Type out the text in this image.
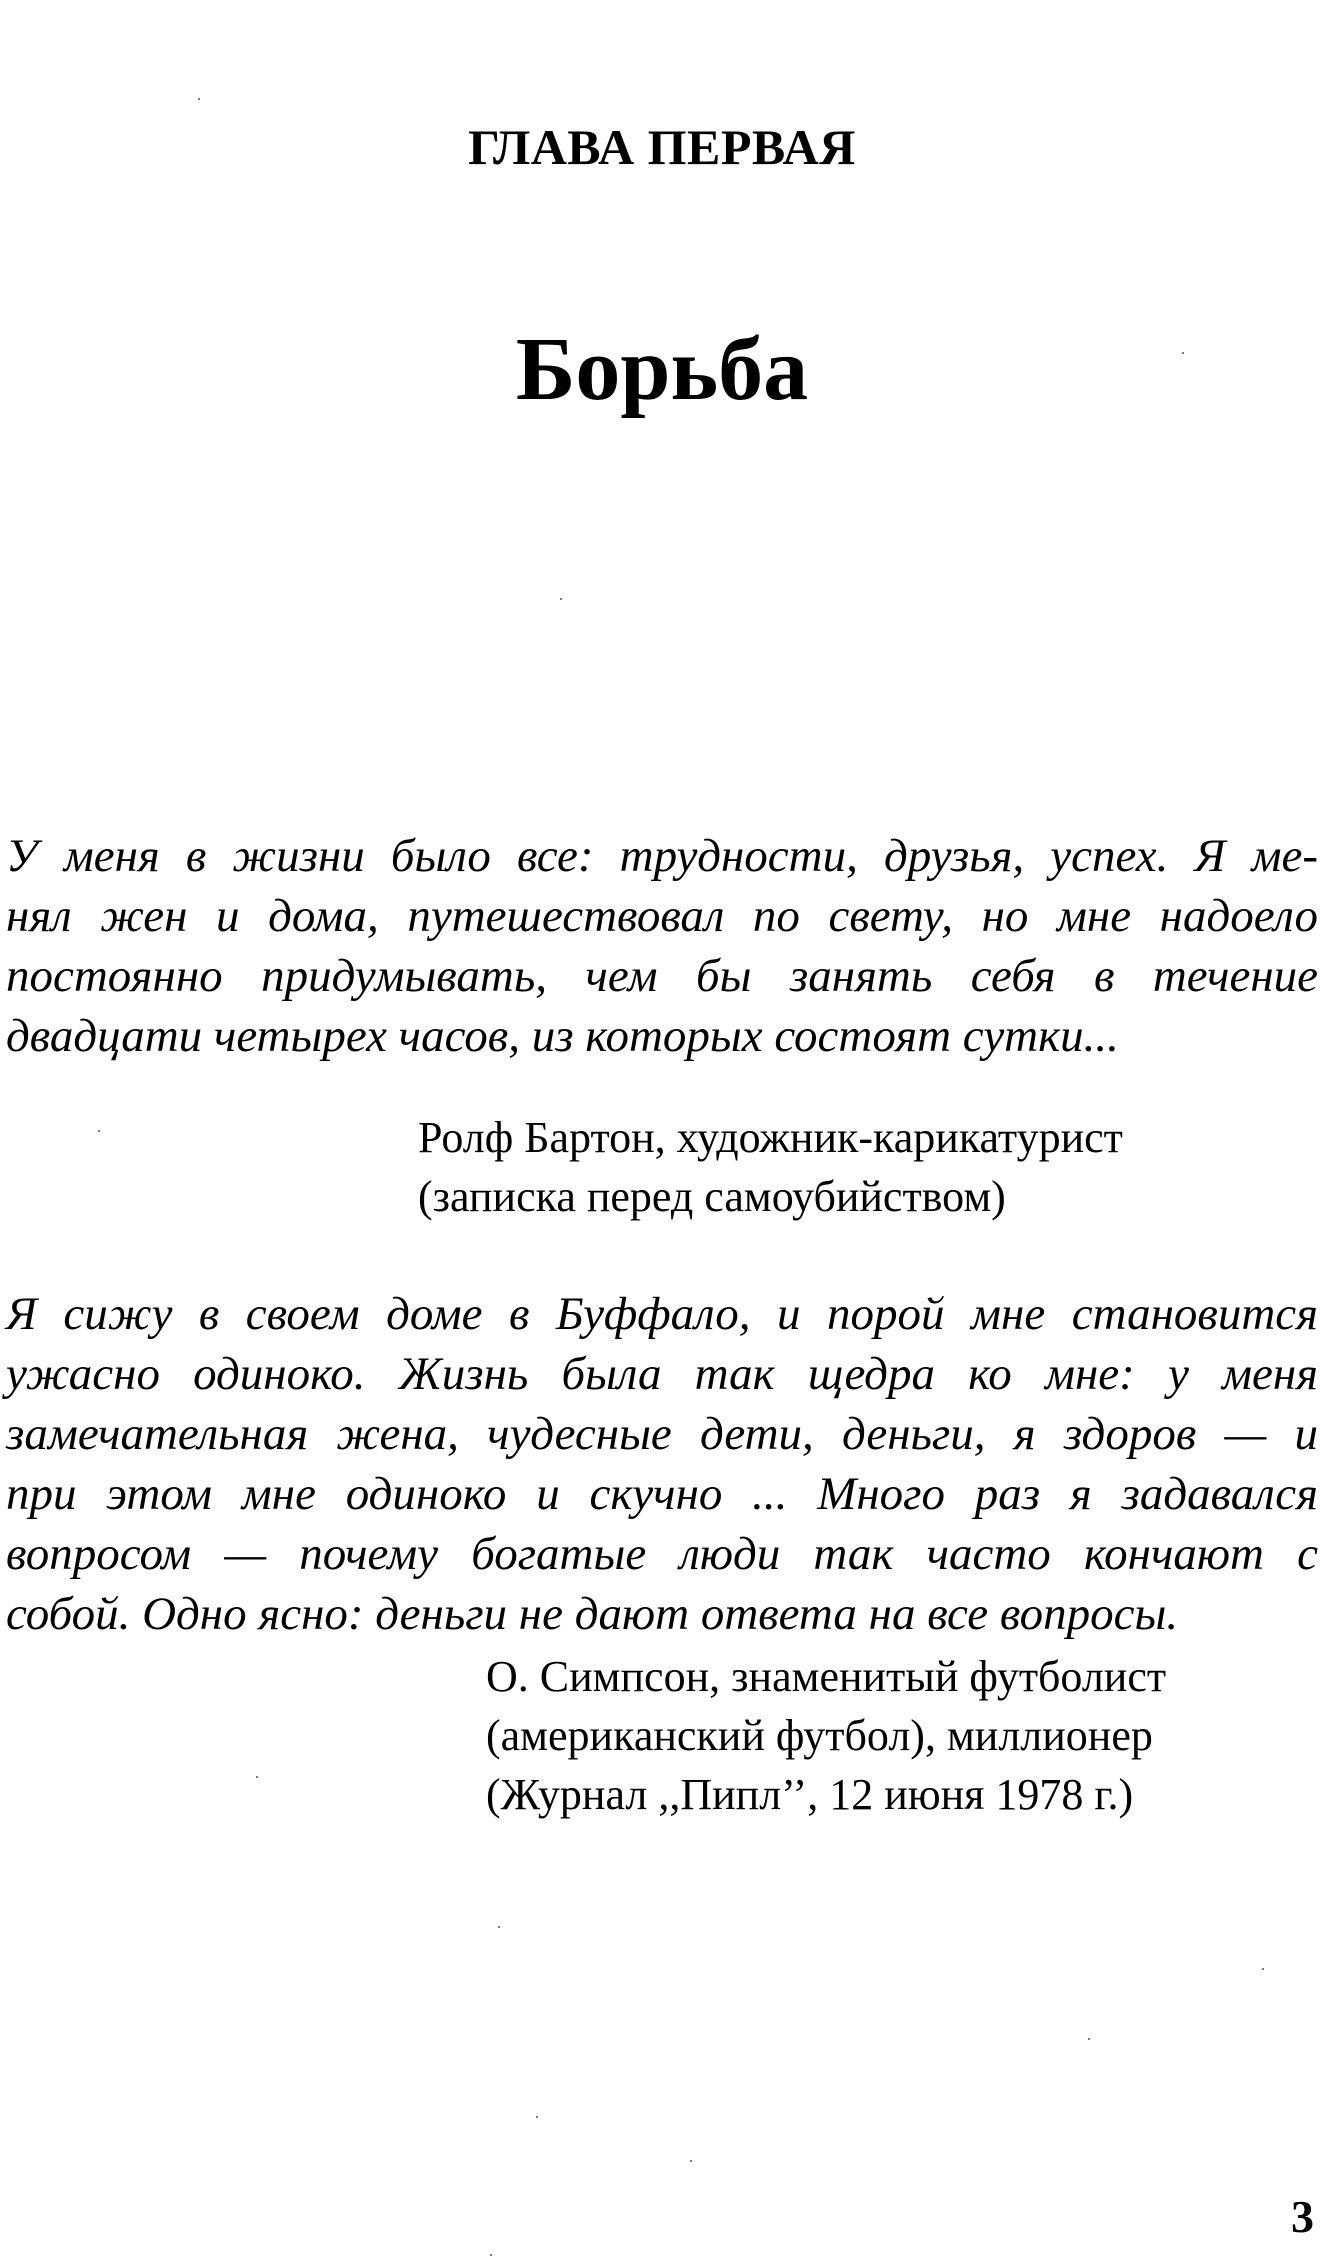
ГЛАВА ПЕРВАЯ
Борьба

У меня в жизни было все: трудности, друзья, успех. Я ме-
нял жен и дома, путешествовал по свету, но мне надоело
постоянно придумывать, чем бы занять себя в течение
двадцати четырех часов, из которых состоят сутки...

Ролф Бартон, художник-карикатурист
(записка перед самоубийством)

Я сижу в своем доме в Буффало, и порой мне становится
ужасно одиноко. Жизнь была так щедра ко мне: у меня
замечательная жена, чудесные дети, деньги, я здоров — и
при этом мне одиноко и скучно ... Много раз я задавался
вопросом — почему богатые люди так часто кончают с
собой. Одно ясно: деньги не дают ответа на все вопросы.

О. Симпсон, знаменитый футболист
(американский футбол), миллионер
(Журнал ,,Пипл’’, 12 июня 1978 г.)
3
